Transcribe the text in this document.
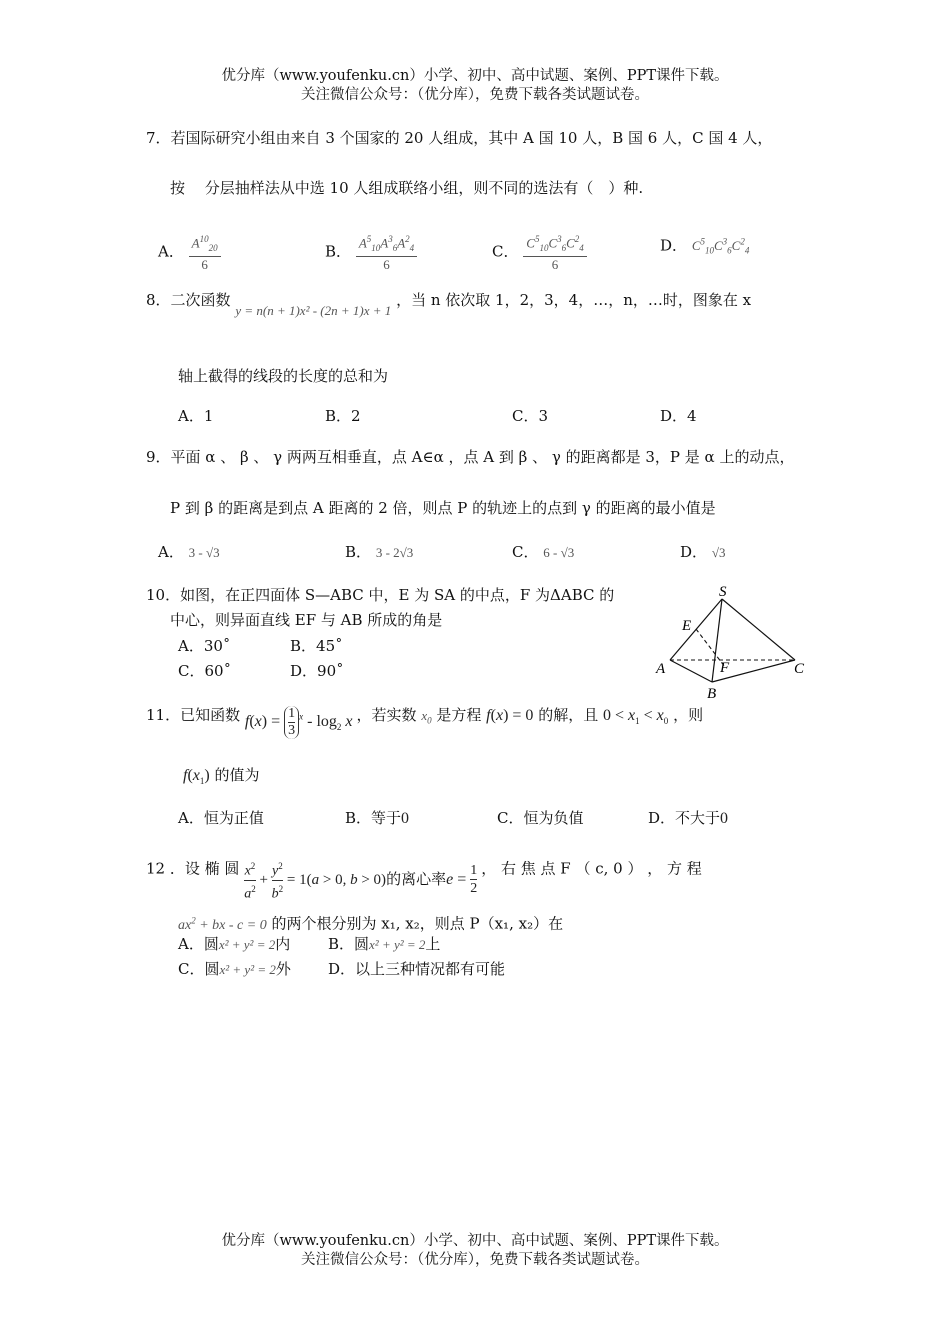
优分库（www.youfenku.cn）小学、初中、高中试题、案例、PPT课件下载。
关注微信公众号：（优分库），免费下载各类试题试卷。
7．若国际研究小组由来自 3 个国家的 20 人组成，其中 A 国 10 人，B 国 6 人，C 国 4 人，
按　 分层抽样法从中选 10 人组成联络小组，则不同的选法有（　）种.
A． $\frac{A^{10}_{20}}{6}$	B． $\frac{A^5_{10}A^3_6A^2_4}{6}$	C． $\frac{C^5_{10}C^3_6C^2_4}{6}$	D． $C^5_{10}C^3_6C^2_4$
8．二次函数 y = n(n + 1)x² - (2n + 1)x + 1 ，当 n 依次取 1，2，3，4，…，n，…时，图象在 x
轴上截得的线段的长度的总和为
A．1	B．2	C．3	D．4
9．平面 α 、 β 、 γ 两两互相垂直，点 A∈α ，点 A 到 β 、 γ 的距离都是 3，P 是 α 上的动点，
P 到 β 的距离是到点 A 距离的 2 倍，则点 P 的轨迹上的点到 γ 的距离的最小值是
A． 3 - √3	B． 3 - 2√3	C． 6 - √3	D． √3
10．如图，在正四面体 S—ABC 中，E 为 SA 的中点，F 为ΔABC 的
中心，则异面直线 EF 与 AB 所成的角是
A．30˚	B．45˚
C．60˚	D．90˚
S
E
A	F
B
C
11．已知函数 $f(x) = \frac{1}{3} ^x - \log_2 x$ ，若实数 $x_0$ 是方程 f(x) = 0 的解，且 $0 < x_1 < x_0$ ，则
$f(x_1)$ 的值为
A．恒为正值	B．等于0	C．恒为负值	D．不大于0
12 ．设 椭 圆 $\frac{x^2}{a^2} + \frac{y^2}{b^2} = 1(a > 0$, b > 0)的离心率$e = \frac{1}{2}$ ， 右 焦 点 F （ c, 0 ） ， 方 程
$ax^2$ + bx - c = 0 的两个根分别为 x₁, x₂，则点 P（x₁, x₂）在
A．圆x² + y² = 2内	B．圆x² + y² = 2上
C．圆x² + y² = 2外 D．以上三种情况都有可能
优分库（www.youfenku.cn）小学、初中、高中试题、案例、PPT课件下载。
关注微信公众号：（优分库），免费下载各类试题试卷。
